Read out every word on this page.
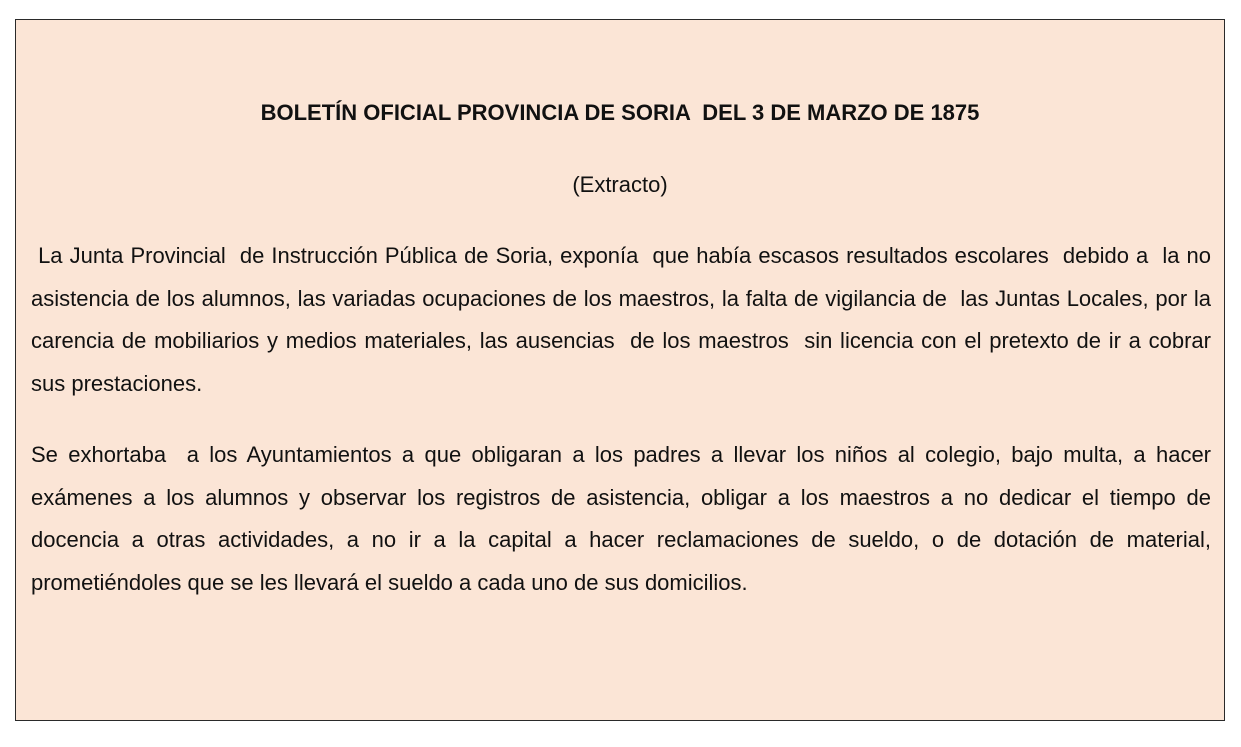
BOLETÍN OFICIAL PROVINCIA DE SORIA  DEL 3 DE MARZO DE 1875
(Extracto)

La Junta Provincial  de Instrucción Pública de Soria, exponía  que había escasos resultados escolares  debido a  la no asistencia de los alumnos, las variadas ocupaciones de los maestros, la falta de vigilancia de  las Juntas Locales, por la  carencia de mobiliarios y medios materiales, las ausencias  de los maestros  sin licencia con el pretexto de ir a cobrar sus prestaciones.

Se exhortaba  a los Ayuntamientos a que obligaran a los padres a llevar los niños al colegio, bajo multa, a hacer exámenes a los alumnos y observar los registros de asistencia, obligar a los maestros a no dedicar el tiempo de docencia a otras actividades, a no ir a la capital a hacer reclamaciones de sueldo, o de dotación de material, prometiéndoles que se les llevará el sueldo a cada uno de sus domicilios.
